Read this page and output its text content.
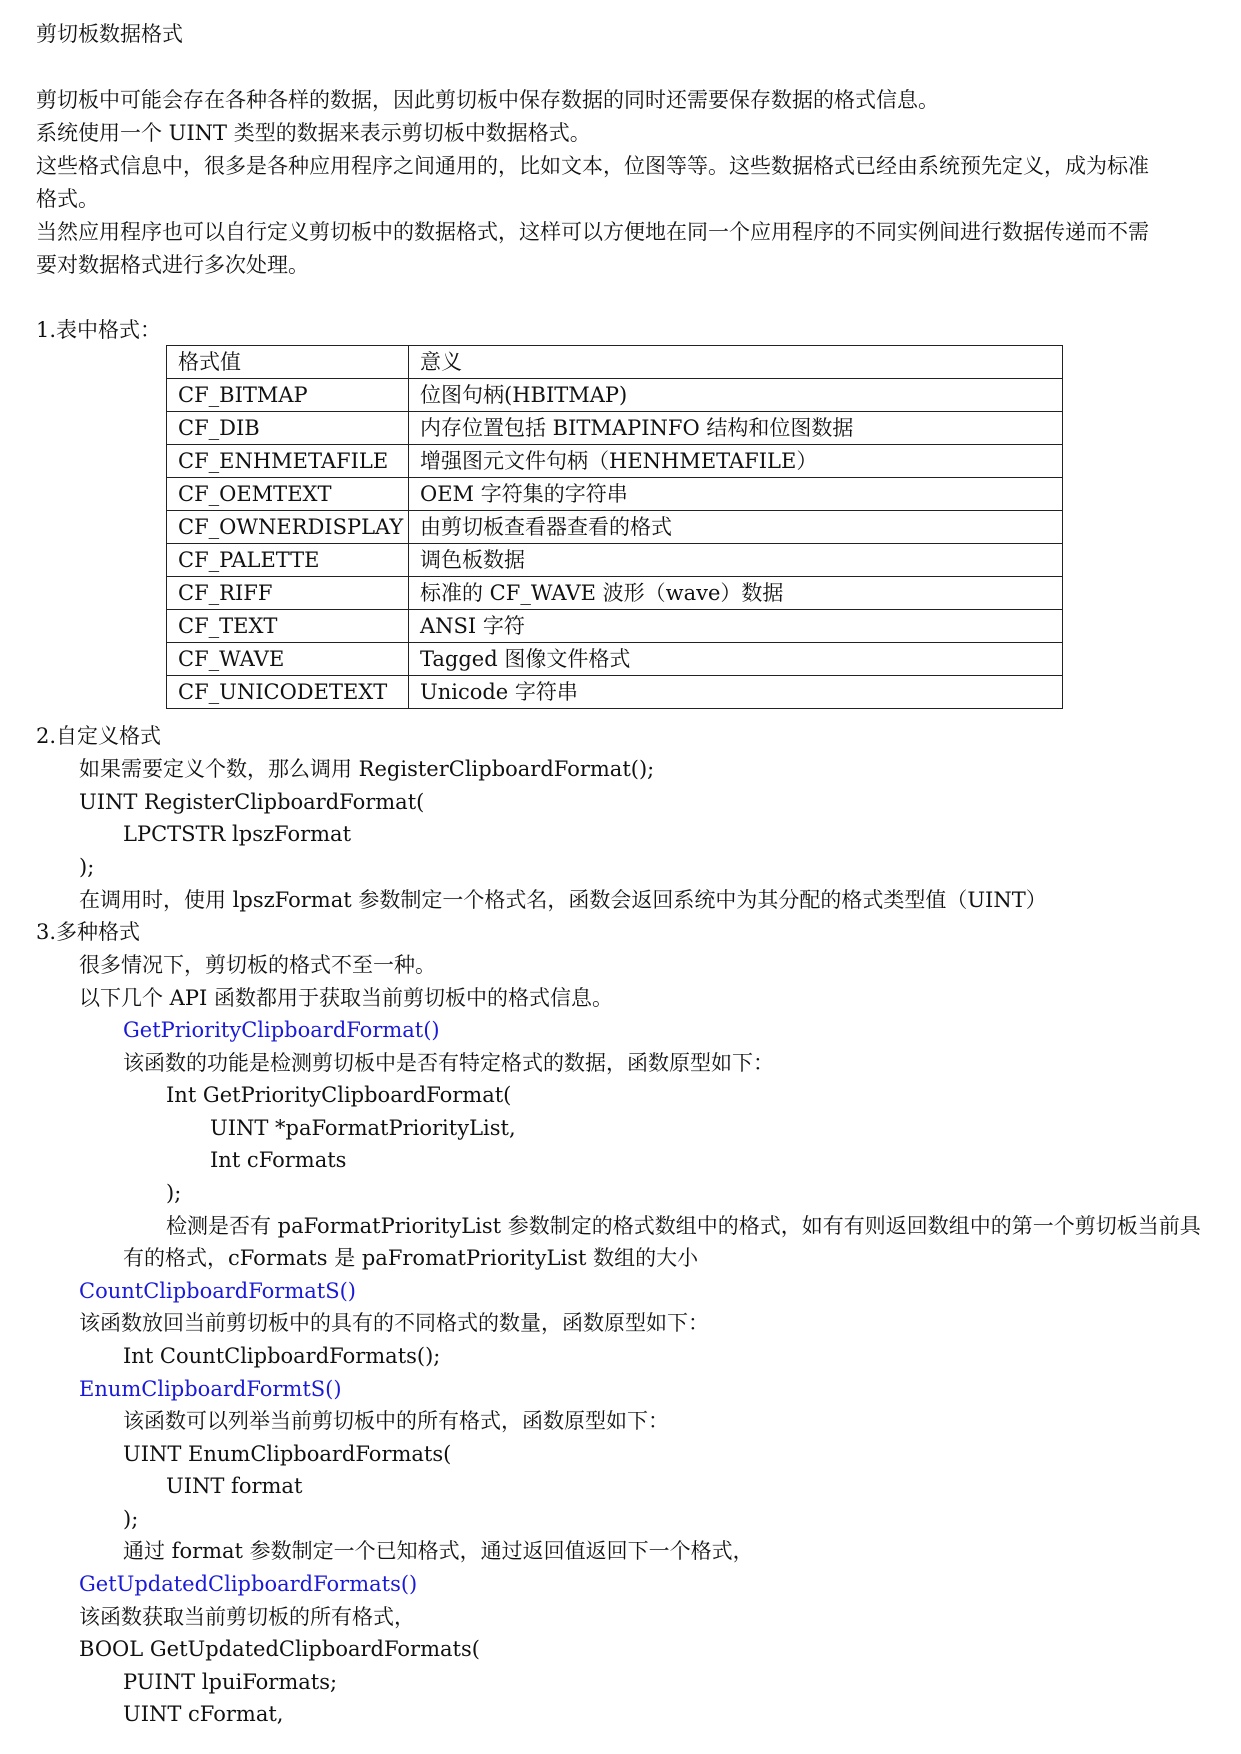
剪切板数据格式
剪切板中可能会存在各种各样的数据，因此剪切板中保存数据的同时还需要保存数据的格式信息。
系统使用一个 UINT 类型的数据来表示剪切板中数据格式。
这些格式信息中，很多是各种应用程序之间通用的，比如文本，位图等等。这些数据格式已经由系统预先定义，成为标准
格式。
当然应用程序也可以自行定义剪切板中的数据格式，这样可以方便地在同一个应用程序的不同实例间进行数据传递而不需
要对数据格式进行多次处理。
1.表中格式：
格式值	意义
CF_BITMAP	位图句柄(HBITMAP)
CF_DIB	内存位置包括 BITMAPINFO 结构和位图数据
CF_ENHMETAFILE	增强图元文件句柄（HENHMETAFILE）
CF_OEMTEXT	OEM 字符集的字符串
CF_OWNERDISPLAY	由剪切板查看器查看的格式
CF_PALETTE	调色板数据
CF_RIFF	标准的 CF_WAVE 波形（wave）数据
CF_TEXT	ANSI 字符
CF_WAVE	Tagged 图像文件格式
CF_UNICODETEXT	Unicode 字符串
2.自定义格式
如果需要定义个数，那么调用 RegisterClipboardFormat();
UINT RegisterClipboardFormat(
LPCTSTR lpszFormat
);
在调用时，使用 lpszFormat 参数制定一个格式名，函数会返回系统中为其分配的格式类型值（UINT）
3.多种格式
很多情况下，剪切板的格式不至一种。
以下几个 API 函数都用于获取当前剪切板中的格式信息。
GetPriorityClipboardFormat()
该函数的功能是检测剪切板中是否有特定格式的数据，函数原型如下：
Int GetPriorityClipboardFormat(
UINT *paFormatPriorityList,
Int cFormats
);
检测是否有 paFormatPriorityList 参数制定的格式数组中的格式，如有有则返回数组中的第一个剪切板当前具
有的格式，cFormats 是 paFromatPriorityList 数组的大小
CountClipboardFormatS()
该函数放回当前剪切板中的具有的不同格式的数量，函数原型如下：
Int CountClipboardFormats();
EnumClipboardFormtS()
该函数可以列举当前剪切板中的所有格式，函数原型如下：
UINT EnumClipboardFormats(
UINT format
);
通过 format 参数制定一个已知格式，通过返回值返回下一个格式，
GetUpdatedClipboardFormats()
该函数获取当前剪切板的所有格式，
BOOL GetUpdatedClipboardFormats(
PUINT lpuiFormats;
UINT cFormat,
